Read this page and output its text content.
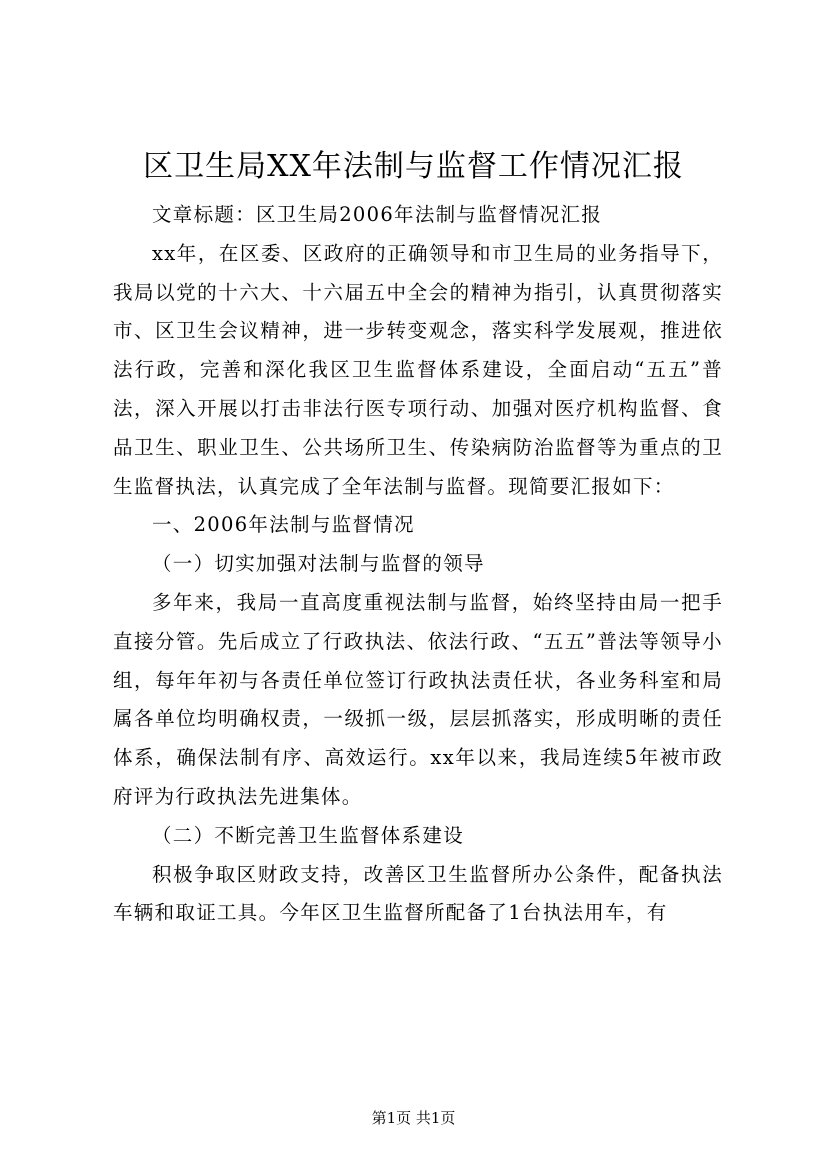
区卫生局XX年法制与监督工作情况汇报

文章标题：区卫生局2006年法制与监督情况汇报

xx年，在区委、区政府的正确领导和市卫生局的业务指导下，我局以党的十六大、十六届五中全会的精神为指引，认真贯彻落实市、区卫生会议精神，进一步转变观念，落实科学发展观，推进依法行政，完善和深化我区卫生监督体系建设，全面启动“五五”普法，深入开展以打击非法行医专项行动、加强对医疗机构监督、食品卫生、职业卫生、公共场所卫生、传染病防治监督等为重点的卫生监督执法，认真完成了全年法制与监督。现简要汇报如下：

一、2006年法制与监督情况

（一）切实加强对法制与监督的领导

多年来，我局一直高度重视法制与监督，始终坚持由局一把手直接分管。先后成立了行政执法、依法行政、“五五”普法等领导小组，每年年初与各责任单位签订行政执法责任状，各业务科室和局属各单位均明确权责，一级抓一级，层层抓落实，形成明晰的责任体系，确保法制有序、高效运行。xx年以来，我局连续5年被市政府评为行政执法先进集体。

（二）不断完善卫生监督体系建设

积极争取区财政支持，改善区卫生监督所办公条件，配备执法车辆和取证工具。今年区卫生监督所配备了1台执法用车，有

第1页 共1页
